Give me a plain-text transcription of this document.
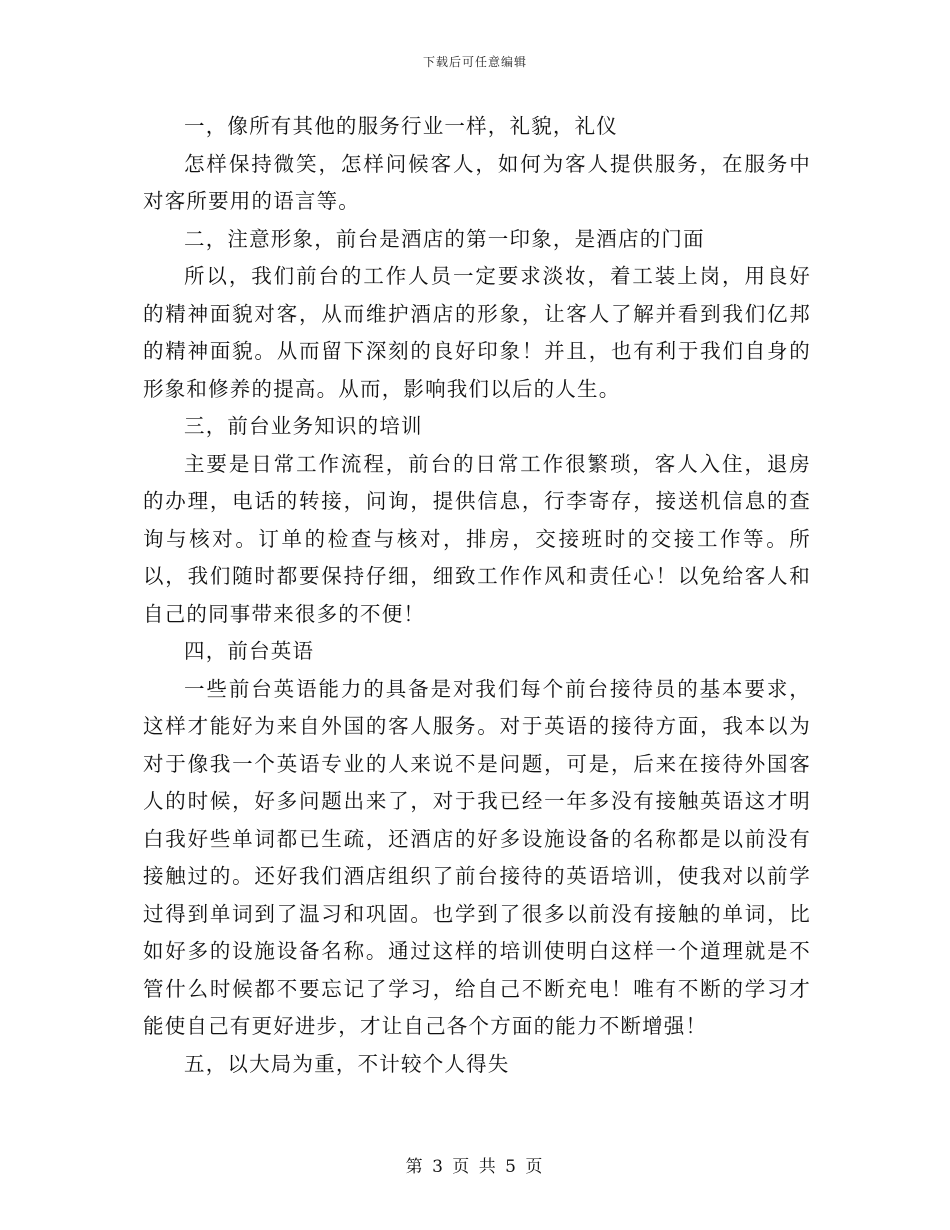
下载后可任意编辑

一，像所有其他的服务行业一样，礼貌，礼仪

怎样保持微笑，怎样问候客人，如何为客人提供服务，在服务中对客所要用的语言等。

二，注意形象，前台是酒店的第一印象，是酒店的门面

所以，我们前台的工作人员一定要求淡妆，着工装上岗，用良好的精神面貌对客，从而维护酒店的形象，让客人了解并看到我们亿邦的精神面貌。从而留下深刻的良好印象！并且，也有利于我们自身的形象和修养的提高。从而，影响我们以后的人生。

三，前台业务知识的培训

主要是日常工作流程，前台的日常工作很繁琐，客人入住，退房的办理，电话的转接，问询，提供信息，行李寄存，接送机信息的查询与核对。订单的检查与核对，排房，交接班时的交接工作等。所以，我们随时都要保持仔细，细致工作作风和责任心！以免给客人和自己的同事带来很多的不便！

四，前台英语

一些前台英语能力的具备是对我们每个前台接待员的基本要求，这样才能好为来自外国的客人服务。对于英语的接待方面，我本以为对于像我一个英语专业的人来说不是问题，可是，后来在接待外国客人的时候，好多问题出来了，对于我已经一年多没有接触英语这才明白我好些单词都已生疏，还酒店的好多设施设备的名称都是以前没有接触过的。还好我们酒店组织了前台接待的英语培训，使我对以前学过得到单词到了温习和巩固。也学到了很多以前没有接触的单词，比如好多的设施设备名称。通过这样的培训使明白这样一个道理就是不管什么时候都不要忘记了学习，给自己不断充电！唯有不断的学习才能使自己有更好进步，才让自己各个方面的能力不断增强！

五，以大局为重，不计较个人得失

第 3 页 共 5 页
